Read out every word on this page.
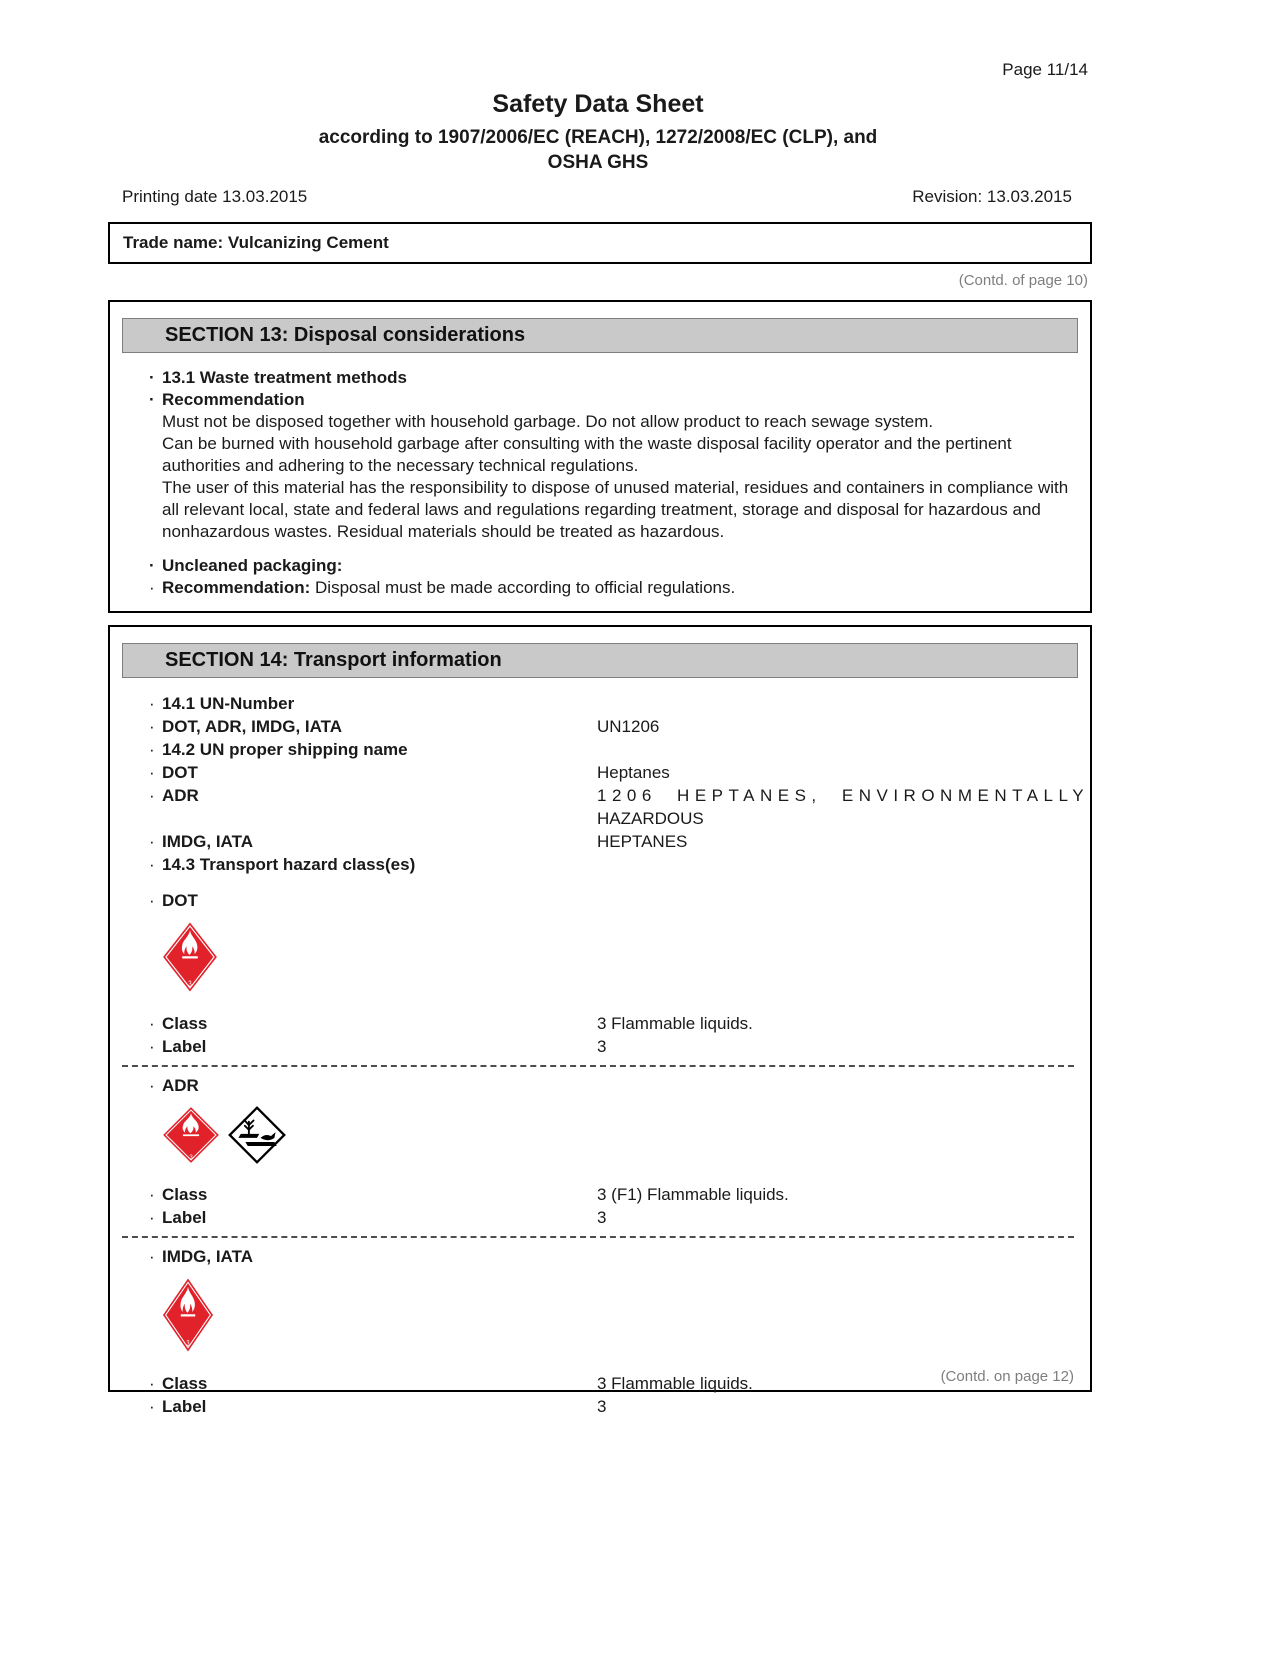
Page 11/14
Safety Data Sheet
according to 1907/2006/EC (REACH), 1272/2008/EC (CLP), and
OSHA GHS
Printing date 13.03.2015	Revision: 13.03.2015
Trade name: Vulcanizing Cement
(Contd. of page 10)
SECTION 13: Disposal considerations
· 13.1 Waste treatment methods
· Recommendation
Must not be disposed together with household garbage. Do not allow product to reach sewage system.
Can be burned with household garbage after consulting with the waste disposal facility operator and the pertinent authorities and adhering to the necessary technical regulations.
The user of this material has the responsibility to dispose of unused material, residues and containers in compliance with all relevant local, state and federal laws and regulations regarding treatment, storage and disposal for hazardous and nonhazardous wastes. Residual materials should be treated as hazardous.
· Uncleaned packaging:
· Recommendation: Disposal must be made according to official regulations.
SECTION 14: Transport information
· 14.1 UN-Number
· DOT, ADR, IMDG, IATA	UN1206
· 14.2 UN proper shipping name
· DOT	Heptanes
· ADR	1206 HEPTANES, ENVIRONMENTALLY
HAZARDOUS
· IMDG, IATA	HEPTANES
· 14.3 Transport hazard class(es)
· DOT
3
· Class	3 Flammable liquids.
· Label	3
· ADR
3
· Class	3 (F1) Flammable liquids.
· Label	3
· IMDG, IATA
3
· Class	3 Flammable liquids.
· Label	3
(Contd. on page 12)
